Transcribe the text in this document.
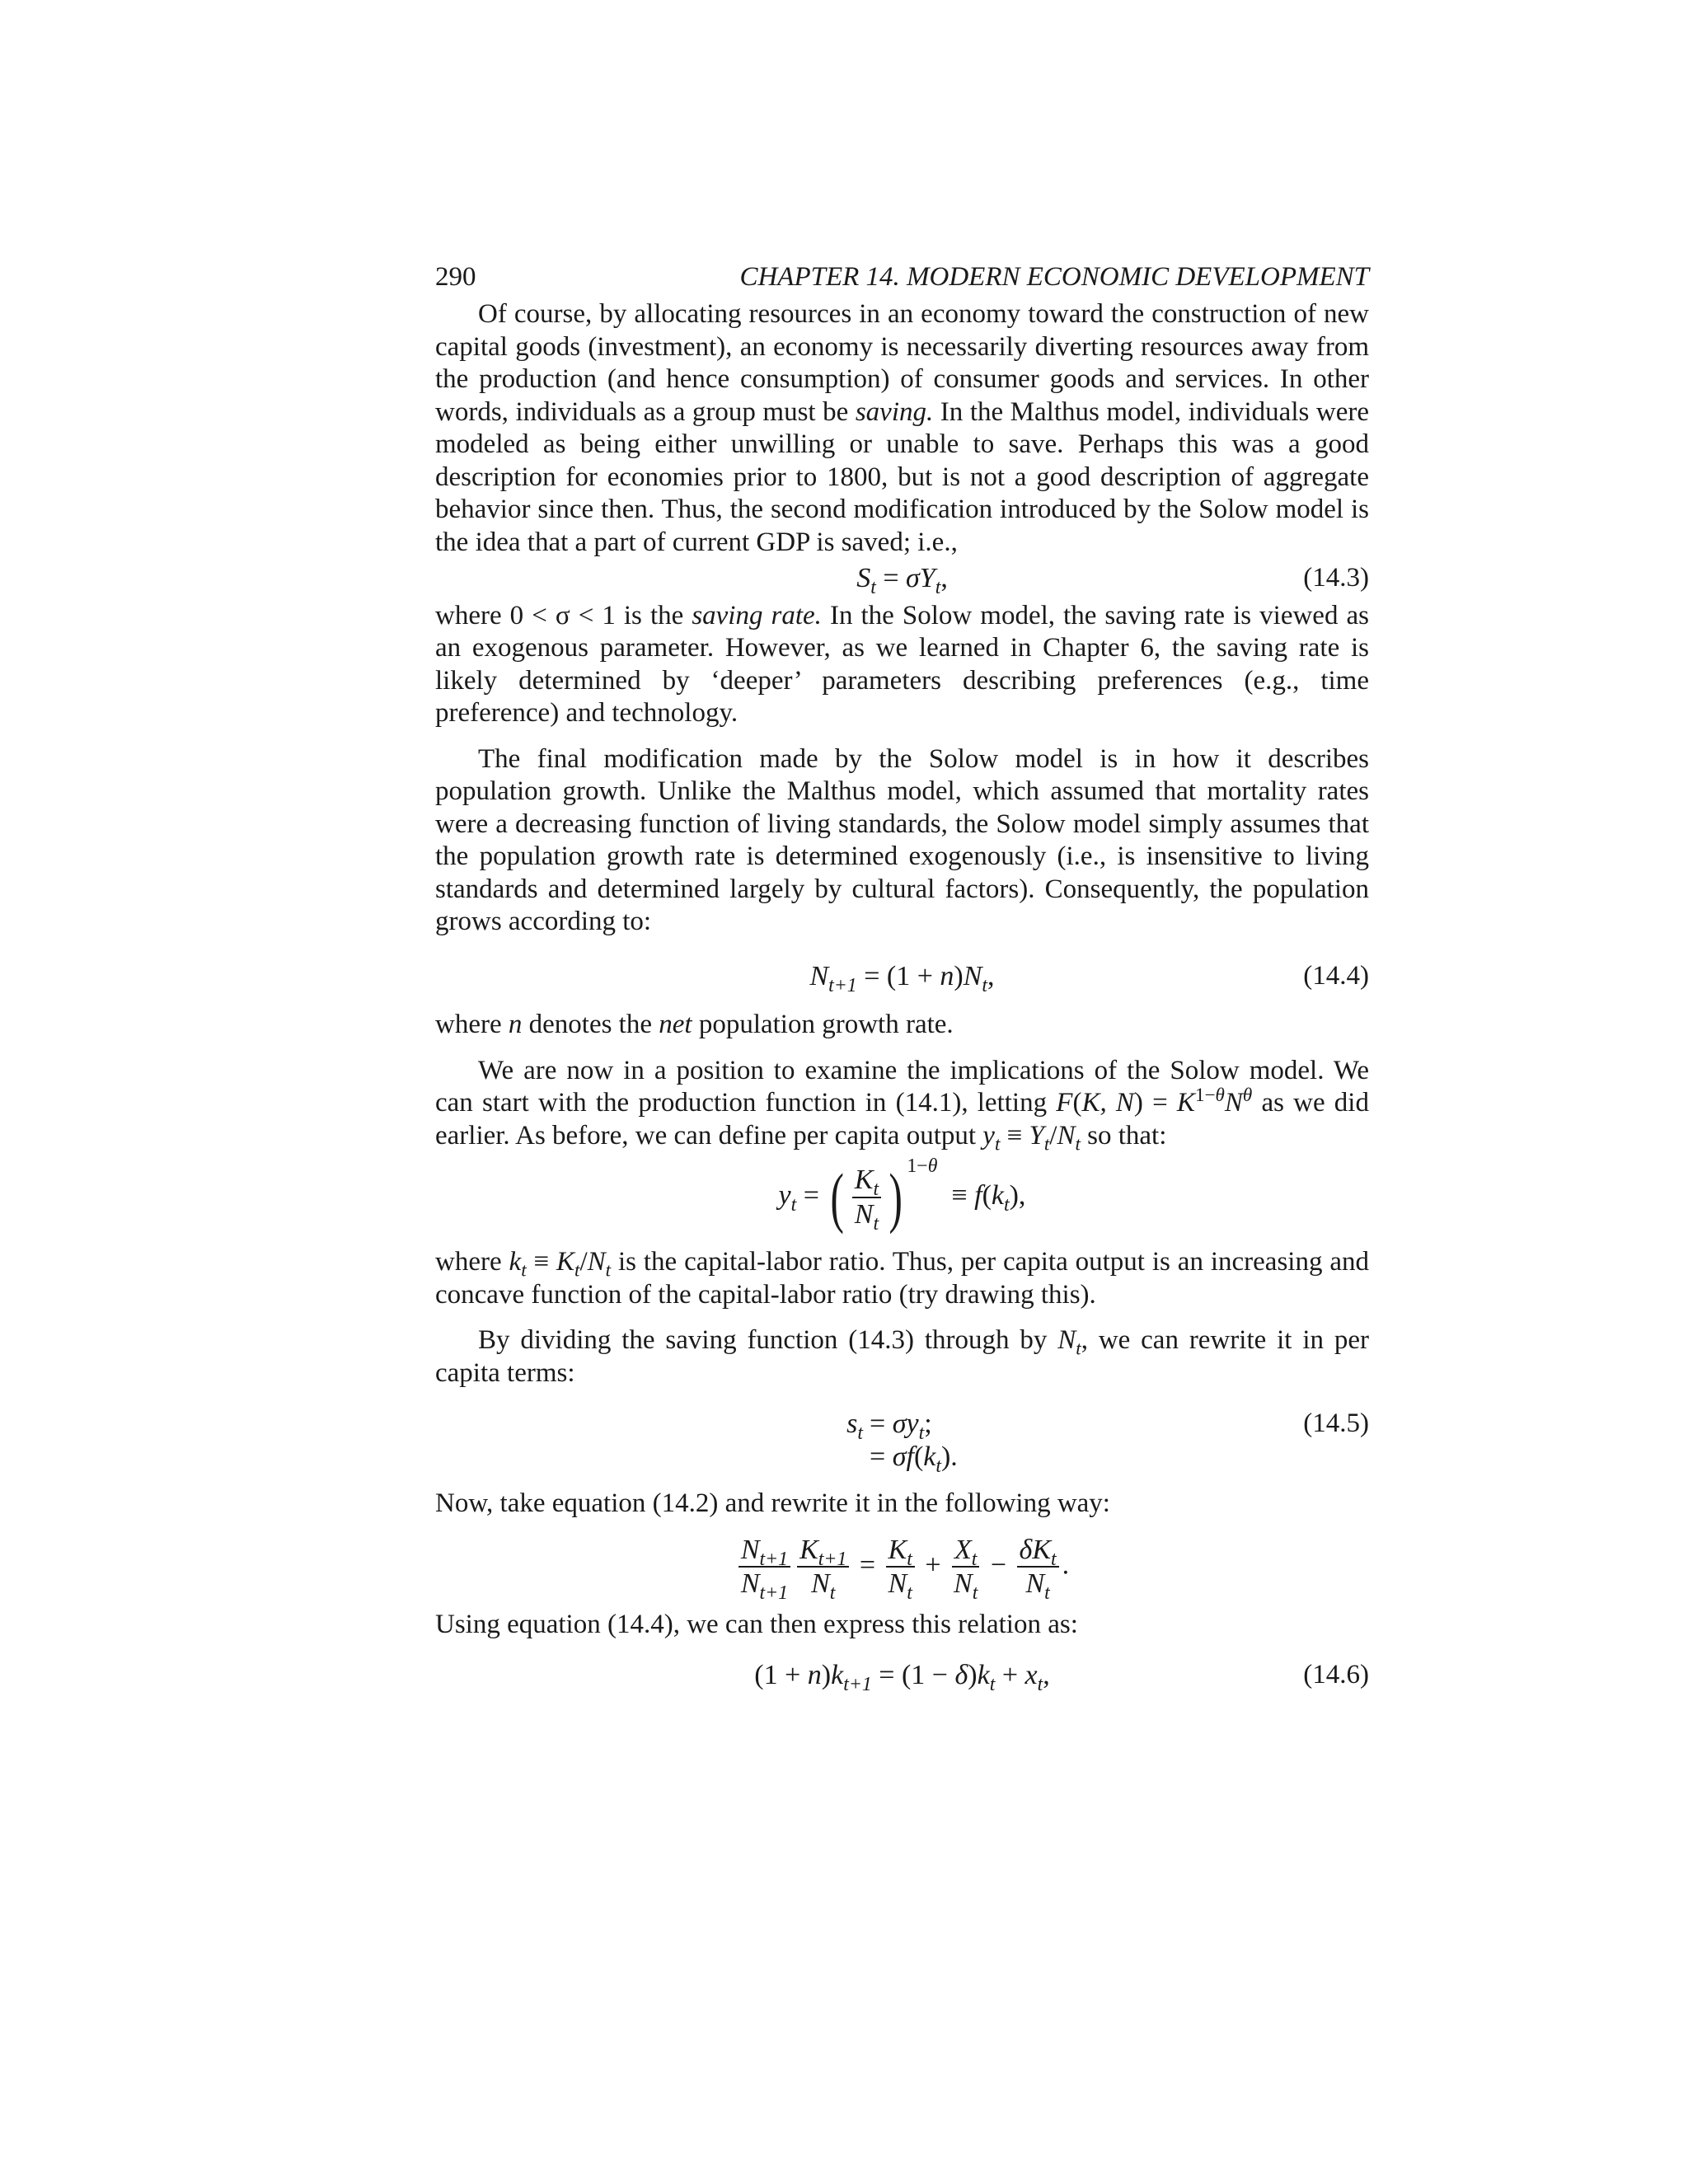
290	CHAPTER 14. MODERN ECONOMIC DEVELOPMENT

Of course, by allocating resources in an economy toward the construction of new capital goods (investment), an economy is necessarily diverting resources away from the production (and hence consumption) of consumer goods and services. In other words, individuals as a group must be saving. In the Malthus model, individuals were modeled as being either unwilling or unable to save. Perhaps this was a good description for economies prior to 1800, but is not a good description of aggregate behavior since then. Thus, the second modification introduced by the Solow model is the idea that a part of current GDP is saved; i.e.,

$S_t = \sigma Y_t$,	(14.3)

where 0 < σ < 1 is the saving rate. In the Solow model, the saving rate is viewed as an exogenous parameter. However, as we learned in Chapter 6, the saving rate is likely determined by ‘deeper’ parameters describing preferences (e.g., time preference) and technology.

The final modification made by the Solow model is in how it describes population growth. Unlike the Malthus model, which assumed that mortality rates were a decreasing function of living standards, the Solow model simply assumes that the population growth rate is determined exogenously (i.e., is insensitive to living standards and determined largely by cultural factors). Consequently, the population grows according to:

$N_{t+1} = (1 + n)N_t$,	(14.4)

where n denotes the net population growth rate.

We are now in a position to examine the implications of the Solow model. We can start with the production function in (14.1), letting F(K, $N) = K^{1-\theta}N^\theta$ as we did earlier. As before, we can define per capita output $y_t \equiv Y_t/N_t$ so that:

$y_t$ = ( $\frac{K_t}{N_t}$ ) $^{1-\theta} \equiv f(k_t)$,

where $k_t \equiv K_t/N_t$ is the capital-labor ratio. Thus, per capita output is an increasing and concave function of the capital-labor ratio (try drawing this).

By dividing the saving function (14.3) through by $N_t$, we can rewrite it in per capita terms:

$s_t = \sigma y_t$;
= $\sigma f(k_t)$.
(14.5)

Now, take equation (14.2) and rewrite it in the following way:

$\frac{N_{t+1}}{N_{t+1}} \frac{K_{t+1}}{N_t} = \frac{K_t}{N_t} + \frac{X_t}{N_t} - \frac{\delta K_t}{N_t}$ .

Using equation (14.4), we can then express this relation as:

$(1 + n)k_{t+1} = (1 - \delta)k_t + x_t$,	(14.6)
